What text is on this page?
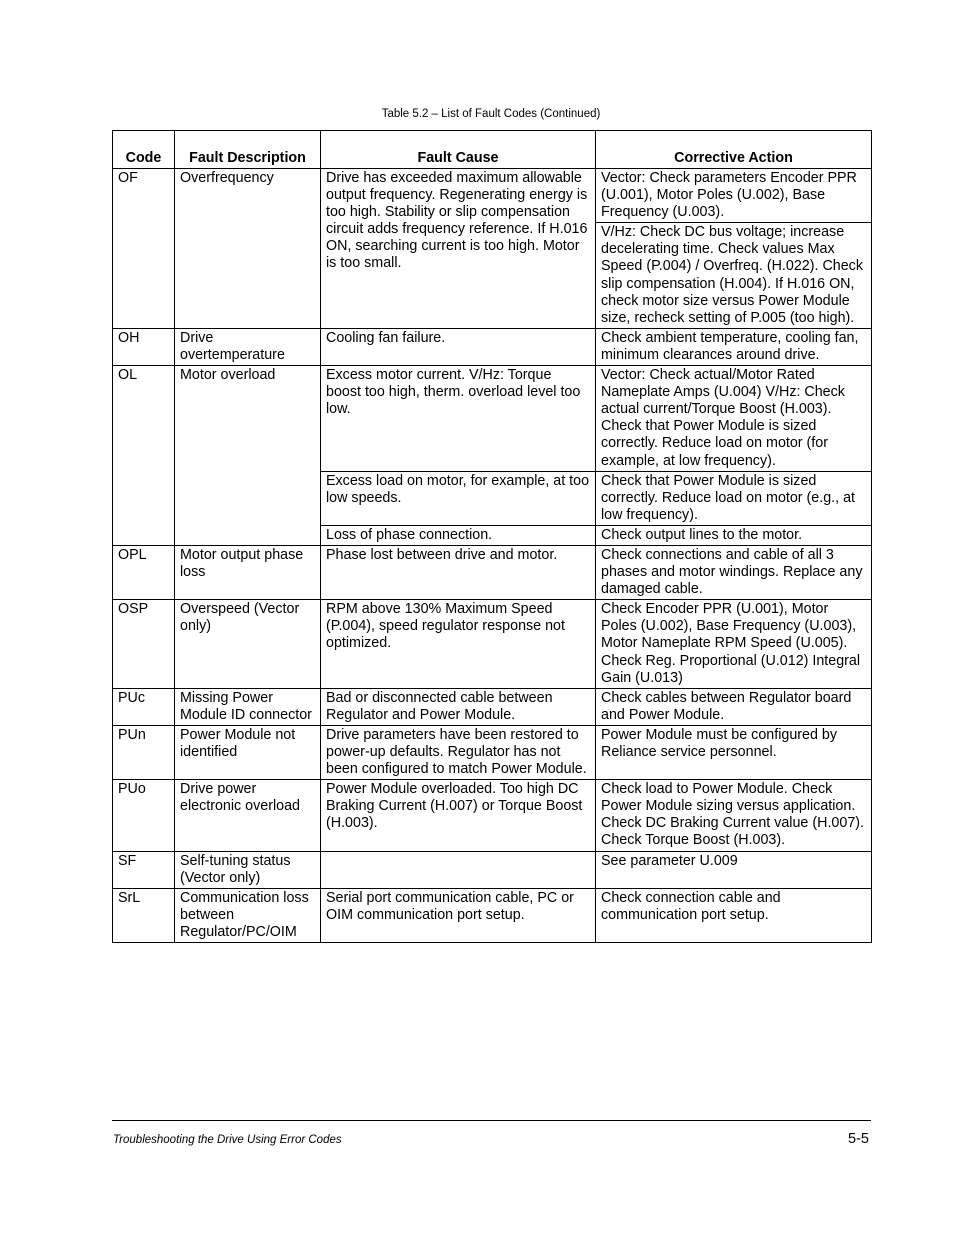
Table 5.2 – List of Fault Codes (Continued)
Code	Fault Description	Fault Cause	Corrective Action
OF	Overfrequency	Drive has exceeded maximum allowable output frequency. Regenerating energy is too high. Stability or slip compensation circuit adds frequency reference. If H.016 ON, searching current is too high. Motor is too small.	Vector: Check parameters Encoder PPR (U.001), Motor Poles (U.002), Base Frequency (U.003).
			V/Hz: Check DC bus voltage; increase decelerating time. Check values Max Speed (P.004) / Overfreq. (H.022). Check slip compensation (H.004). If H.016 ON, check motor size versus Power Module size, recheck setting of P.005 (too high).
OH	Drive overtemperature	Cooling fan failure.	Check ambient temperature, cooling fan, minimum clearances around drive.
OL	Motor overload	Excess motor current. V/Hz: Torque boost too high, therm. overload level too low.	Vector: Check actual/Motor Rated Nameplate Amps (U.004) V/Hz: Check actual current/Torque Boost (H.003). Check that Power Module is sized correctly. Reduce load on motor (for example, at low frequency).
		Excess load on motor, for example, at too low speeds.	Check that Power Module is sized correctly. Reduce load on motor (e.g., at low frequency).
		Loss of phase connection.	Check output lines to the motor.
OPL	Motor output phase loss	Phase lost between drive and motor.	Check connections and cable of all 3 phases and motor windings. Replace any damaged cable.
OSP	Overspeed (Vector only)	RPM above 130% Maximum Speed (P.004), speed regulator response not optimized.	Check Encoder PPR (U.001), Motor Poles (U.002), Base Frequency (U.003), Motor Nameplate RPM Speed (U.005). Check Reg. Proportional (U.012) Integral Gain (U.013)
PUc	Missing Power Module ID connector	Bad or disconnected cable between Regulator and Power Module.	Check cables between Regulator board and Power Module.
PUn	Power Module not identified	Drive parameters have been restored to power-up defaults. Regulator has not been configured to match Power Module.	Power Module must be configured by Reliance service personnel.
PUo	Drive power electronic overload	Power Module overloaded. Too high DC Braking Current (H.007) or Torque Boost (H.003).	Check load to Power Module. Check Power Module sizing versus application. Check DC Braking Current value (H.007). Check Torque Boost (H.003).
SF	Self-tuning status (Vector only)		See parameter U.009
SrL	Communication loss between Regulator/PC/OIM	Serial port communication cable, PC or OIM communication port setup.	Check connection cable and communication port setup.
Troubleshooting the Drive Using Error Codes	5-5
